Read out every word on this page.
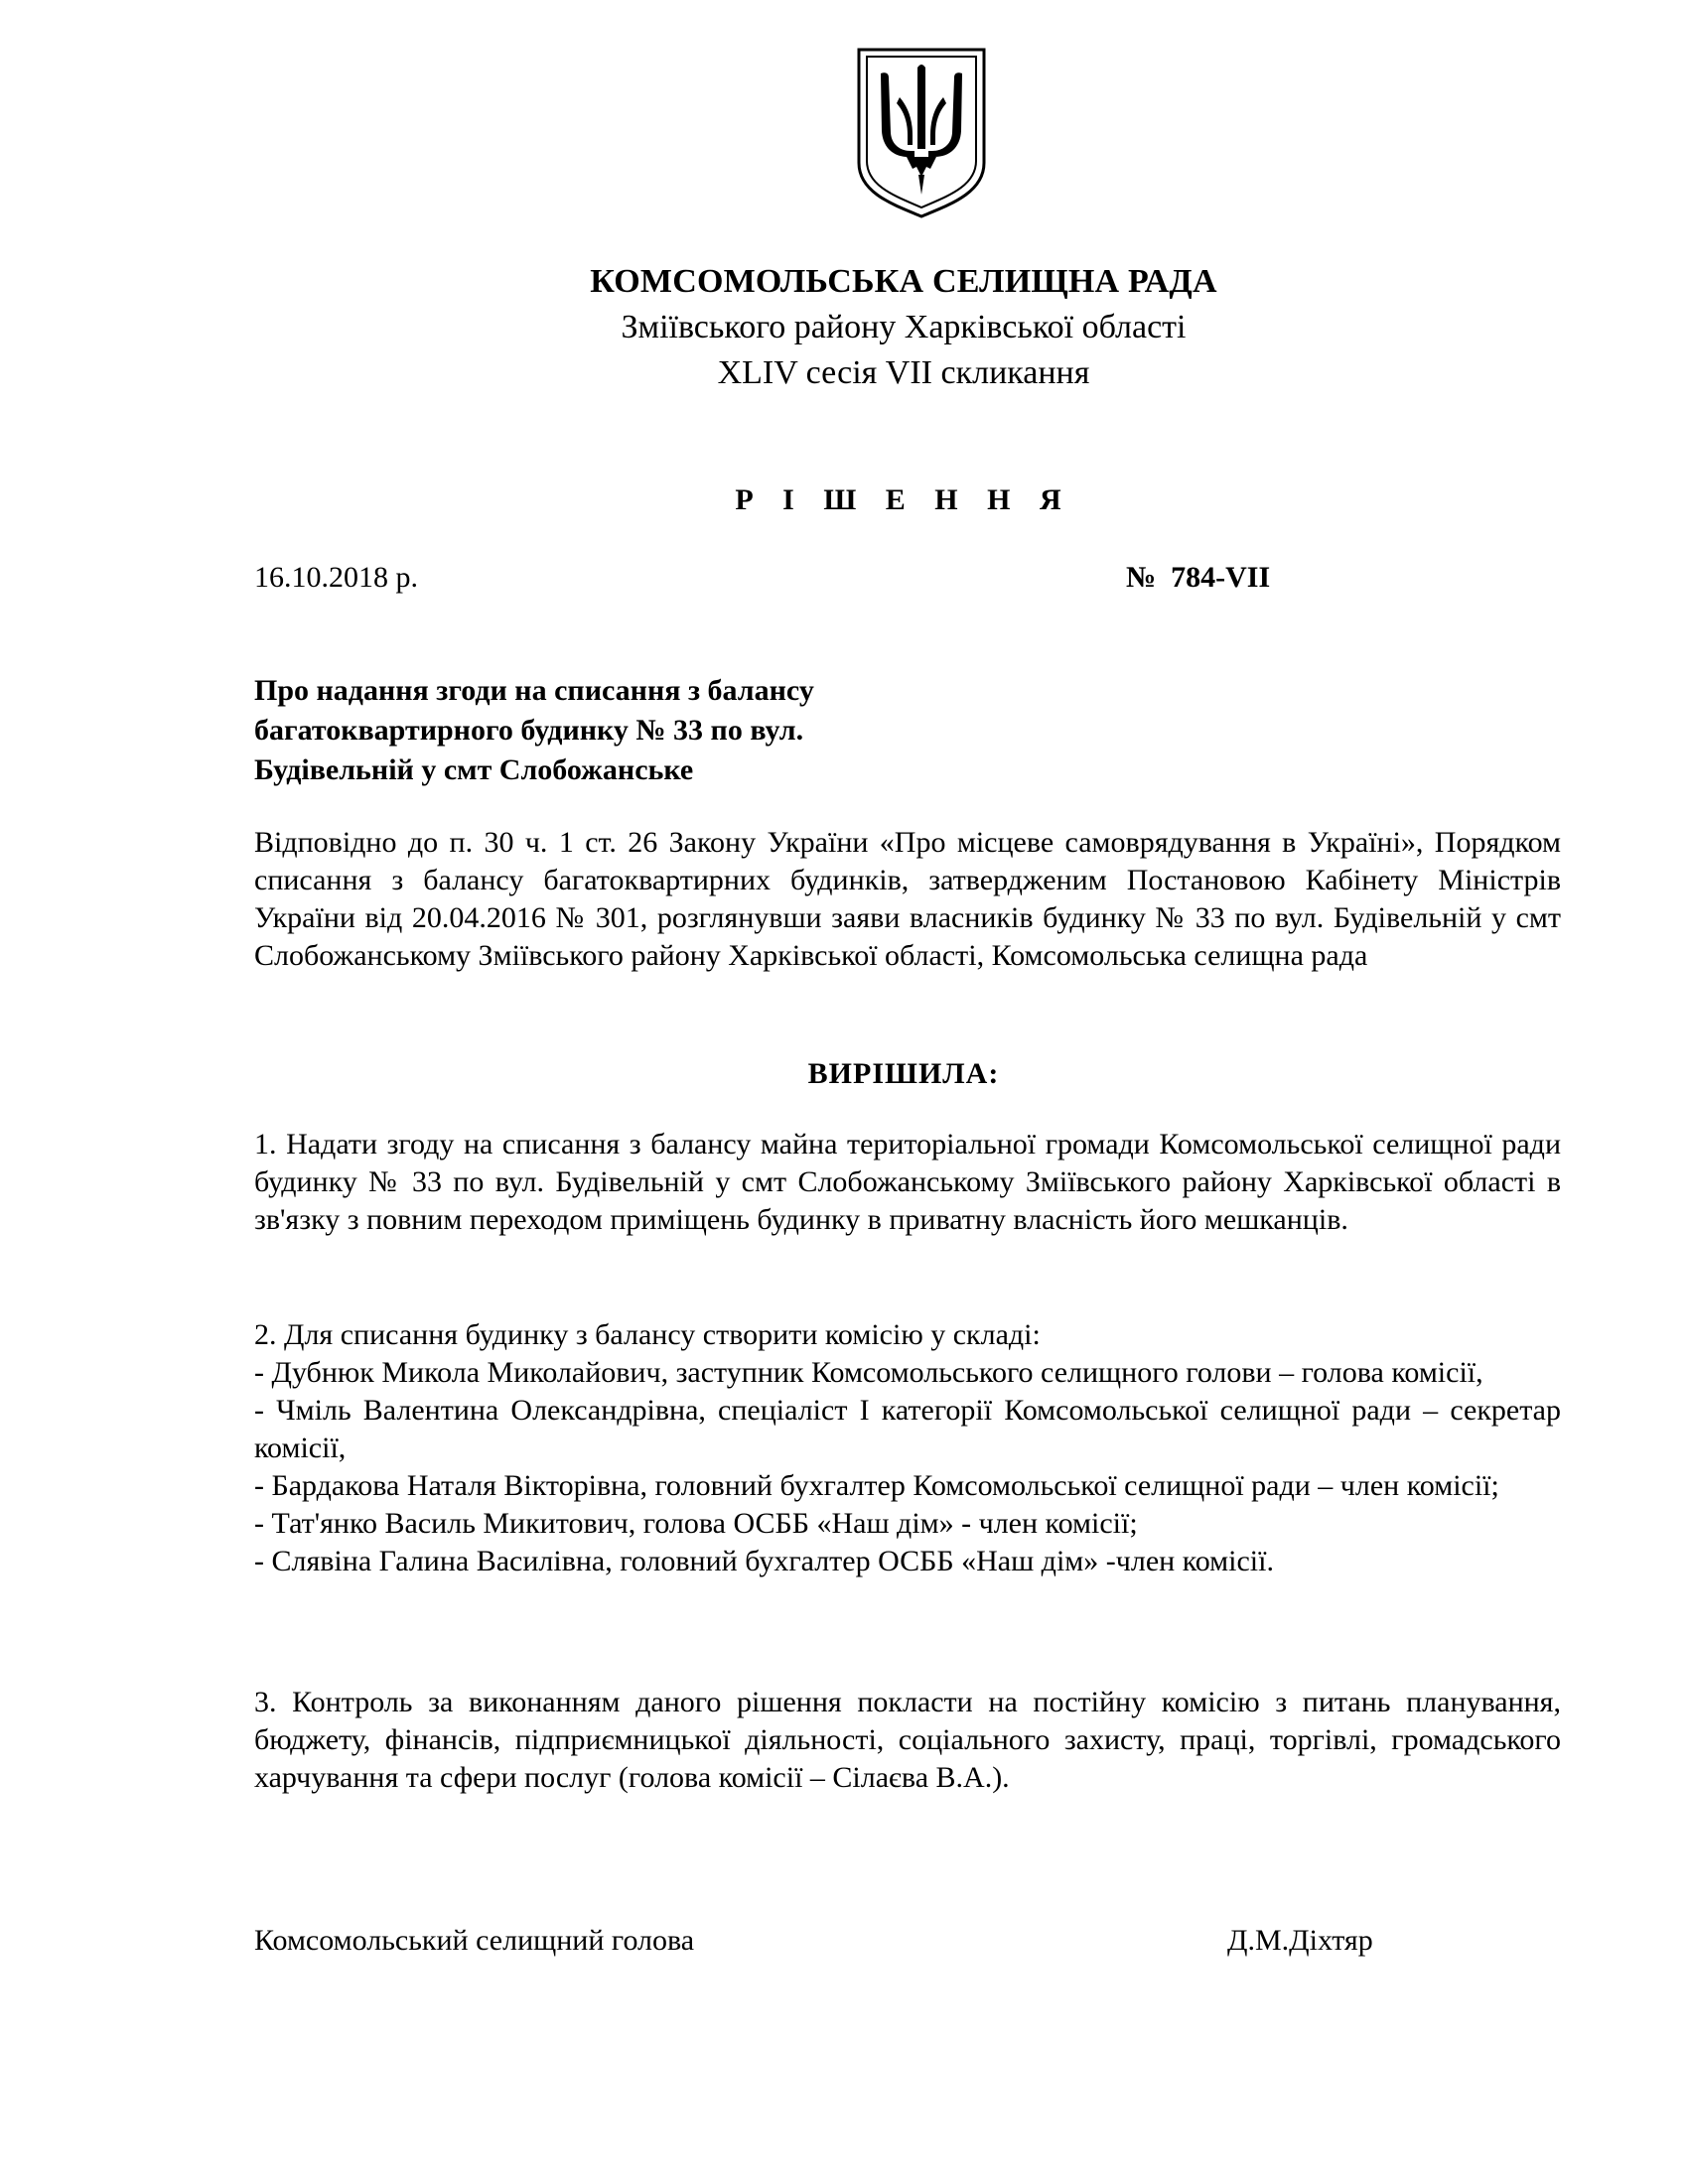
КОМСОМОЛЬСЬКА СЕЛИЩНА РАДА
Зміївського району Харківської області
XLIV сесія VII скликання
Р І Ш Е Н Н Я
16.10.2018 р.	№  784-VII
Про надання згоди на списання з балансу
багатоквартирного будинку № 33 по вул.
Будівельній у смт Слобожанське
Відповідно до п. 30 ч. 1 ст. 26 Закону України «Про місцеве самоврядування в Україні», Порядком списання з балансу багатоквартирних будинків, затвердженим Постановою Кабінету Міністрів України від 20.04.2016 № 301, розглянувши заяви власників будинку № 33 по вул. Будівельній у смт Слобожанському Зміївського району Харківської області, Комсомольська селищна рада
ВИРІШИЛА:
1. Надати згоду на списання з балансу майна територіальної громади Комсомольської селищної ради будинку № 33 по вул. Будівельній у смт Слобожанському Зміївського району Харківської області в зв'язку з повним переходом приміщень будинку в приватну власність його мешканців.
2. Для списання будинку з балансу створити комісію у складі:
- Дубнюк Микола Миколайович, заступник Комсомольського селищного голови – голова комісії,
- Чміль Валентина Олександрівна, спеціаліст І категорії Комсомольської селищної ради – секретар комісії,
- Бардакова Наталя Вікторівна, головний бухгалтер Комсомольської селищної ради – член комісії;
- Тат'янко Василь Микитович, голова ОСББ «Наш дім» - член комісії;
- Слявіна Галина Василівна, головний бухгалтер ОСББ «Наш дім» -член комісії.
3. Контроль за виконанням даного рішення покласти на постійну комісію з питань планування, бюджету, фінансів, підприємницької діяльності, соціального захисту, праці, торгівлі, громадського харчування та сфери послуг (голова комісії – Сілаєва В.А.).
Комсомольський селищний голова	Д.М.Діхтяр
